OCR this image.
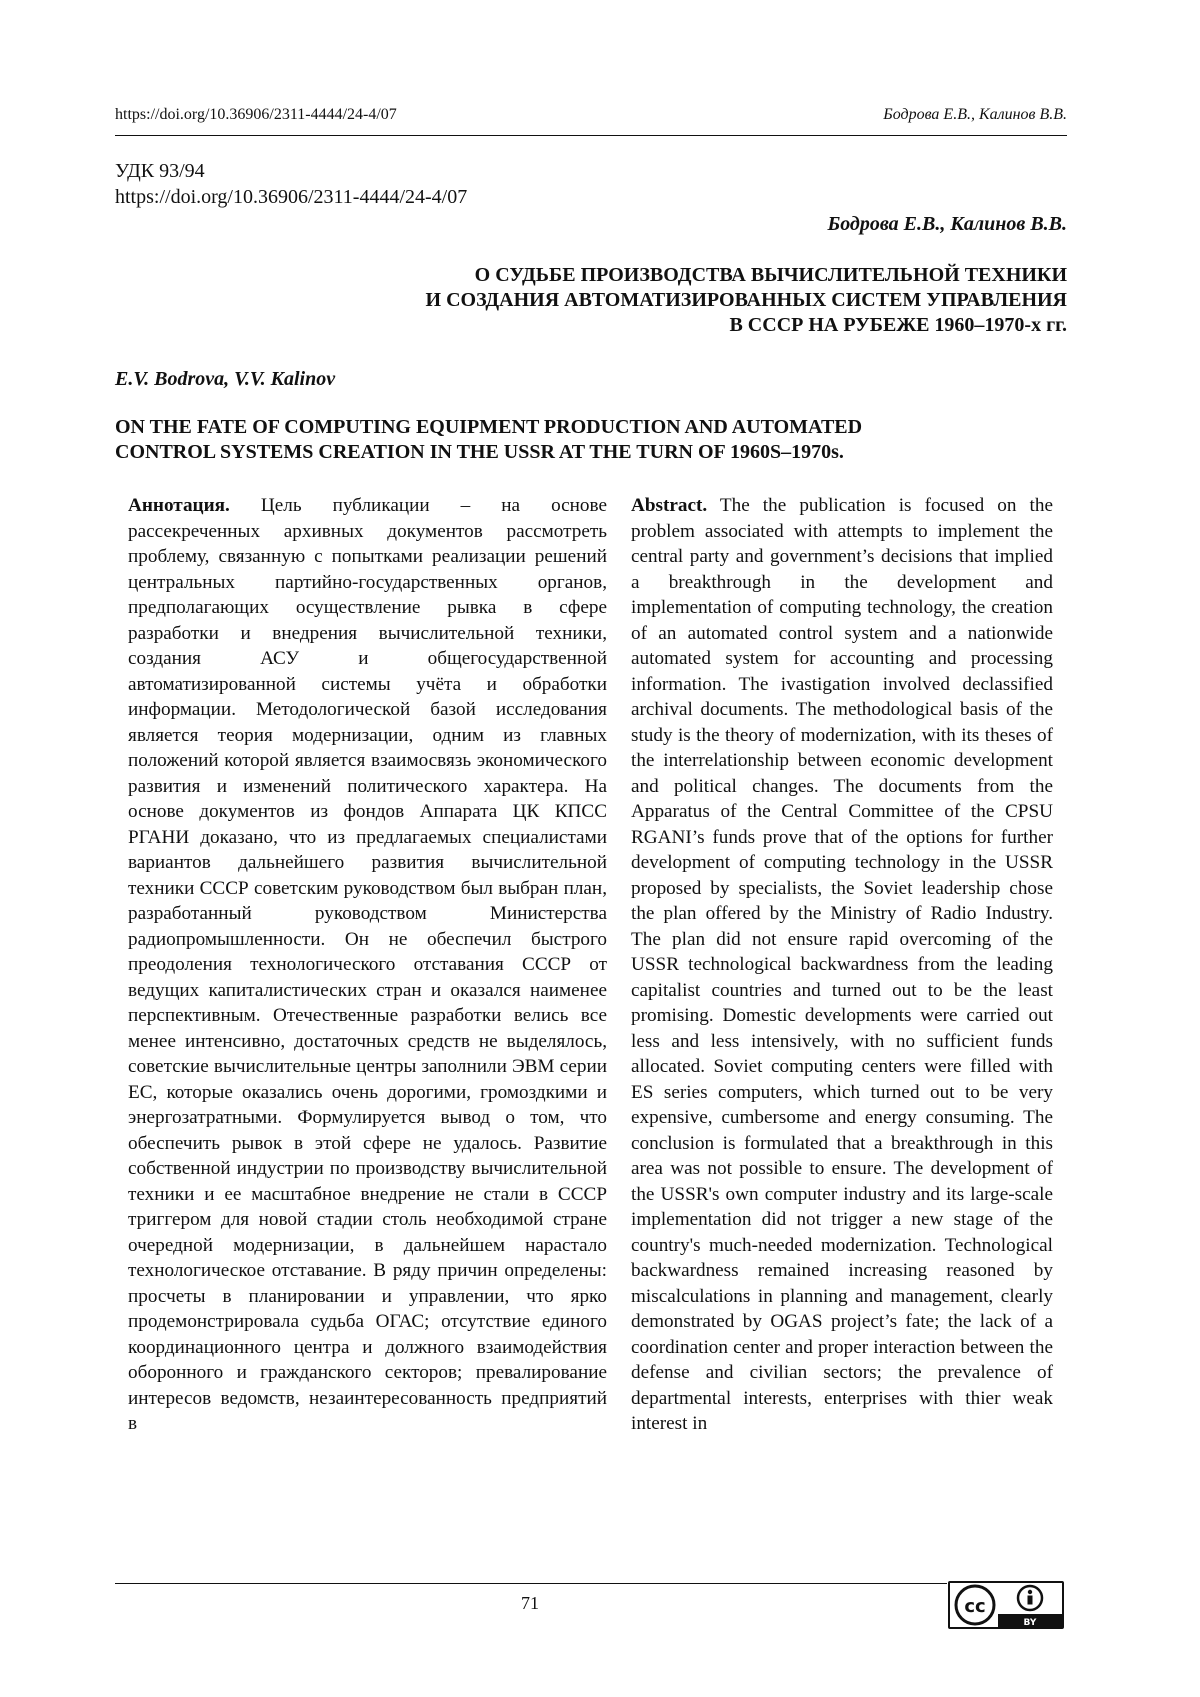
https://doi.org/10.36906/2311-4444/24-4/07	Бодрова Е.В., Калинов В.В.
УДК 93/94
https://doi.org/10.36906/2311-4444/24-4/07
Бодрова Е.В., Калинов В.В.
О СУДЬБЕ ПРОИЗВОДСТВА ВЫЧИСЛИТЕЛЬНОЙ ТЕХНИКИ
И СОЗДАНИЯ АВТОМАТИЗИРОВАННЫХ СИСТЕМ УПРАВЛЕНИЯ
В СССР НА РУБЕЖЕ 1960–1970-х гг.
E.V. Bodrova, V.V. Kalinov
ON THE FATE OF COMPUTING EQUIPMENT PRODUCTION AND AUTOMATED
CONTROL SYSTEMS CREATION IN THE USSR AT THE TURN OF 1960S–1970s.

Аннотация. Цель публикации – на основе рассекреченных архивных документов рассмотреть проблему, связанную с попытками реализации решений центральных партийно-государственных органов, предполагающих осуществление рывка в сфере разработки и внедрения вычислительной техники, создания АСУ и общегосударственной автоматизированной системы учёта и обработки информации. Методологической базой исследования является теория модернизации, одним из главных положений которой является взаимосвязь экономического развития и изменений политического характера. На основе документов из фондов Аппарата ЦК КПСС РГАНИ доказано, что из предлагаемых специалистами вариантов дальнейшего развития вычислительной техники СССР советским руководством был выбран план, разработанный руководством Министерства радиопромышленности. Он не обеспечил быстрого преодоления технологического отставания СССР от ведущих капиталистических стран и оказался наименее перспективным. Отечественные разработки велись все менее интенсивно, достаточных средств не выделялось, советские вычислительные центры заполнили ЭВМ серии ЕС, которые оказались очень дорогими, громоздкими и энергозатратными. Формулируется вывод о том, что обеспечить рывок в этой сфере не удалось. Развитие собственной индустрии по производству вычислительной техники и ее масштабное внедрение не стали в СССР триггером для новой стадии столь необходимой стране очередной модернизации, в дальнейшем нарастало технологическое отставание. В ряду причин определены: просчеты в планировании и управлении, что ярко продемонстрировала судьба ОГАС; отсутствие единого координационного центра и должного взаимодействия оборонного и гражданского секторов; превалирование интересов ведомств, незаинтересованность предприятий в

Abstract. The the publication is focused on the problem associated with attempts to implement the central party and government’s decisions that implied a breakthrough in the development and implementation of computing technology, the creation of an automated control system and a nationwide automated system for accounting and processing information. The ivastigation involved declassified archival documents. The methodological basis of the study is the theory of modernization, with its theses of the interrelationship between economic development and political changes. The documents from the Apparatus of the Central Committee of the CPSU RGANI’s funds prove that of the options for further development of computing technology in the USSR proposed by specialists, the Soviet leadership chose the plan offered by the Ministry of Radio Industry. The plan did not ensure rapid overcoming of the USSR technological backwardness from the leading capitalist countries and turned out to be the least promising. Domestic developments were carried out less and less intensively, with no sufficient funds allocated. Soviet computing centers were filled with ES series computers, which turned out to be very expensive, cumbersome and energy consuming. The conclusion is formulated that a breakthrough in this area was not possible to ensure. The development of the USSR's own computer industry and its large-scale implementation did not trigger a new stage of the country's much-needed modernization. Technological backwardness remained increasing reasoned by miscalculations in planning and management, clearly demonstrated by OGAS project’s fate; the lack of a coordination center and proper interaction between the defense and civilian sectors; the prevalence of departmental interests, enterprises with thier weak interest in

71	cc
BY
